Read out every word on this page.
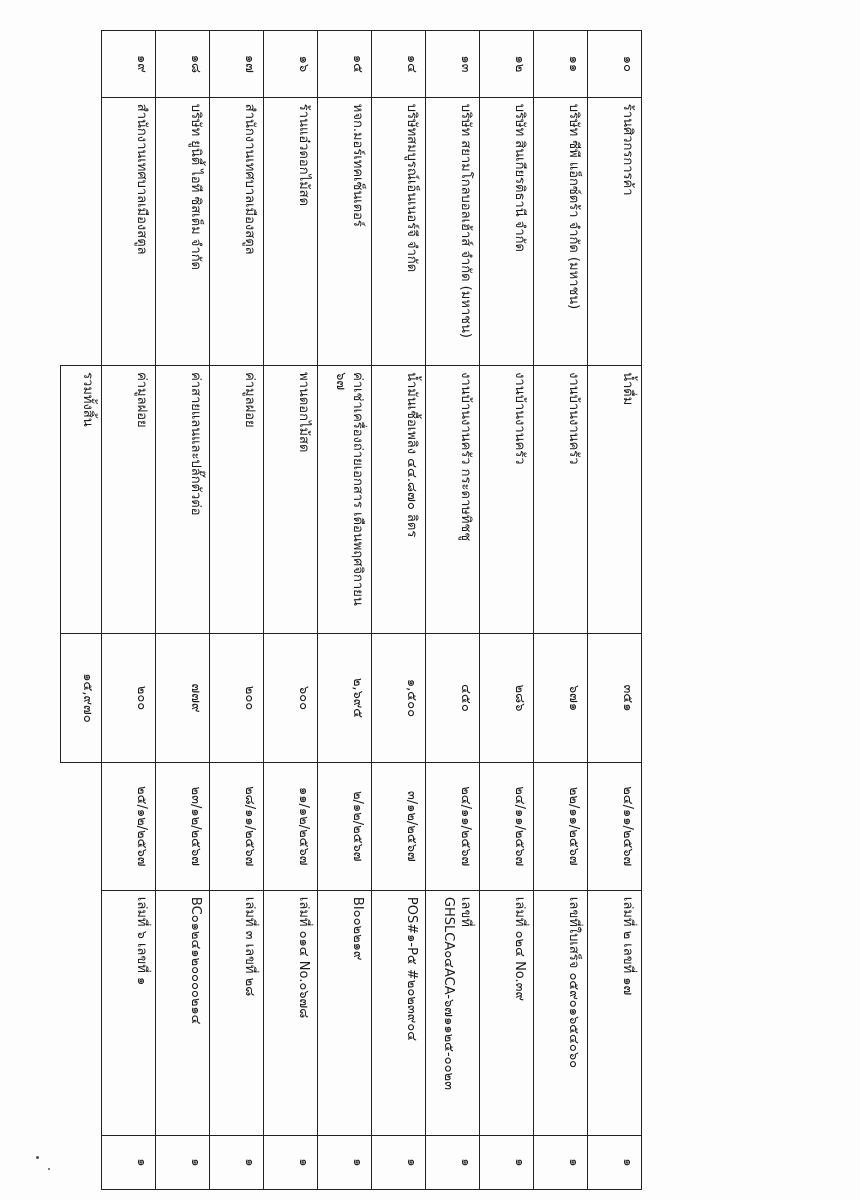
๑๐	ร้านศิวกรการค้า	น้ำดื่ม	๓๕๑	๒๔/๑๑/๒๕๖๗	เล่มที่ ๒ เลขที่ ๑๗	๑
๑๑	บริษัท ซีพี แอ็กซ์ตร้า จำกัด (มหาชน)	งานบ้านงานครัว	๖๗๑	๒๒/๑๑/๒๕๖๗	เลขที่ใบเสร็จ ๐๕๙๐๑๖๕๔๐๖๐	๑
๑๒	บริษัท สินเกียรติธานี จำกัด	งานบ้านงานครัว	๒๘๖	๒๔/๑๑/๒๕๖๗	เล่มที่ ๐๒๔ No.๓๙	๑
๑๓	บริษัท สยามโกลบอลเฮ้าส์ จำกัด (มหาชน)	งานบ้านงานครัว กระดาษทิชชู	๔๕๐	๒๔/๑๑/๒๕๖๗	เลขที่
GHSLCA๐๔ACA-๖๗๑๑๒๕-๐๐๒๓	๑
๑๔	บริษัทสมบูรณ์เอ็นเนอร์จี จำกัด	น้ำมันเชื้อเพลิง ๔๔.๘๗๐ ลิตร	๑,๕๐๐	๓/๑๒/๒๕๖๗	POS#๑-P๕ #๒๐๒๓๙๐๔	๑
๑๕	หจก.มอร์เทคเซ็นเตอร์	ค่าเช่าเครื่องถ่ายเอกสาร เดือนพฤศจิกายน ๖๗	๒,๖๙๕	๒/๑๒/๒๕๖๗	BI๐๐๒๒๑๙	๑
๑๖	ร้านแอ๋วดอกไม้สด	พานดอกไม้สด	๖๐๐	๑๑/๑๒/๒๕๖๗	เล่มที่ ๐๑๔ No.๐๖๗๘	๑
๑๗	สำนักงานเทศบาลเมืองสตูล	ค่ามูลฝอย	๒๐๐	๒๘/๑๑/๒๕๖๗	เล่มที่ ๓ เลขที่ ๒๘	๑
๑๘	บริษัท ยูนิตี้ ไอที ซิสเต็ม จำกัด	ค่าสายแลนและปลั๊กตัวต่อ	๗๗๙	๒๓/๑๒/๒๕๖๗	BC๐๑๒๔๑๒๐๐๐๐๒๑๔	๑
๑๙	สำนักงานเทศบาลเมืองสตูล	ค่ามูลฝอย	๒๐๐	๒๕/๑๒/๒๕๖๗	เล่มที่ ๖ เลขที่ ๑	๑
		รวมทั้งสิ้น	๑๕,๙๗๐			
